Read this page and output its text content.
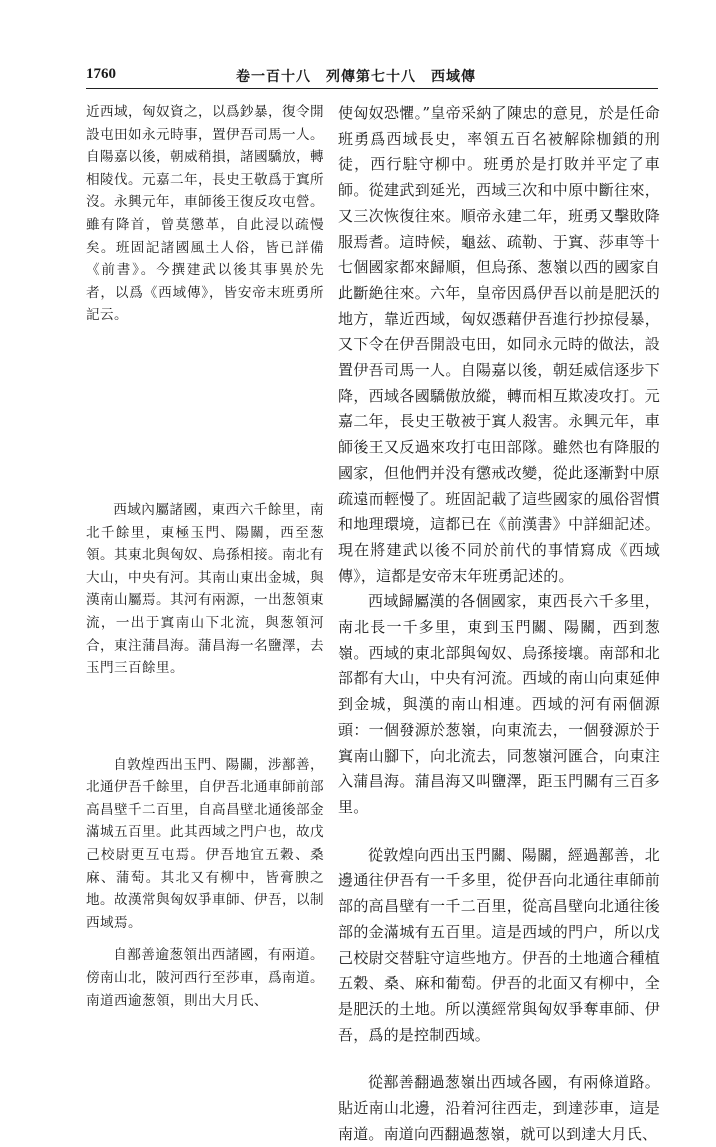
1760	卷一百十八　列傳第七十八　西域傳

近西域，匈奴資之，以爲鈔暴，復令開設屯田如永元時事，置伊吾司馬一人。自陽嘉以後，朝威稍損，諸國驕放，轉相陵伐。元嘉二年，長史王敬爲于窴所沒。永興元年，車師後王復反攻屯營。雖有降首，曾莫懲革，自此浸以疏慢矣。班固記諸國風土人俗，皆已詳備《前書》。今撰建武以後其事異於先者，以爲《西域傳》，皆安帝末班勇所記云。

西域內屬諸國，東西六千餘里，南北千餘里，東極玉門、陽關，西至葱領。其東北與匈奴、烏孫相接。南北有大山，中央有河。其南山東出金城，與漢南山屬焉。其河有兩源，一出葱領東流，一出于窴南山下北流，與葱領河合，東注蒲昌海。蒲昌海一名鹽澤，去玉門三百餘里。

自敦煌西出玉門、陽關，涉鄯善，北通伊吾千餘里，自伊吾北通車師前部高昌壁千二百里，自高昌壁北通後部金滿城五百里。此其西域之門户也，故戊己校尉更互屯焉。伊吾地宜五穀、桑麻、蒲萄。其北又有柳中，皆膏腴之地。故漢常與匈奴爭車師、伊吾，以制西域焉。

自鄯善逾葱領出西諸國，有兩道。傍南山北，陂河西行至莎車，爲南道。南道西逾葱領，則出大月氏、

使匈奴恐懼。”皇帝采納了陳忠的意見，於是任命班勇爲西域長史，率領五百名被解除枷鎖的刑徒，西行駐守柳中。班勇於是打敗并平定了車師。從建武到延光，西域三次和中原中斷往來，又三次恢復往來。順帝永建二年，班勇又擊敗降服焉耆。這時候，龜兹、疏勒、于窴、莎車等十七個國家都來歸順，但烏孫、葱嶺以西的國家自此斷絶往來。六年，皇帝因爲伊吾以前是肥沃的地方，靠近西域，匈奴憑藉伊吾進行抄掠侵暴，又下令在伊吾開設屯田，如同永元時的做法，設置伊吾司馬一人。自陽嘉以後，朝廷威信逐步下降，西域各國驕傲放縱，轉而相互欺凌攻打。元嘉二年，長史王敬被于窴人殺害。永興元年，車師後王又反過來攻打屯田部隊。雖然也有降服的國家，但他們并没有懲戒改變，從此逐漸對中原疏遠而輕慢了。班固記載了這些國家的風俗習慣和地理環境，這都已在《前漢書》中詳細記述。現在將建武以後不同於前代的事情寫成《西域傳》，這都是安帝末年班勇記述的。

西域歸屬漢的各個國家，東西長六千多里，南北長一千多里，東到玉門關、陽關，西到葱嶺。西域的東北部與匈奴、烏孫接壤。南部和北部都有大山，中央有河流。西域的南山向東延伸到金城，與漢的南山相連。西域的河有兩個源頭：一個發源於葱嶺，向東流去，一個發源於于窴南山腳下，向北流去，同葱嶺河匯合，向東注入蒲昌海。蒲昌海又叫鹽澤，距玉門關有三百多里。

從敦煌向西出玉門關、陽關，經過鄯善，北邊通往伊吾有一千多里，從伊吾向北通往車師前部的高昌壁有一千二百里，從高昌壁向北通往後部的金滿城有五百里。這是西域的門户，所以戊己校尉交替駐守這些地方。伊吾的土地適合種植五穀、桑、麻和葡萄。伊吾的北面又有柳中，全是肥沃的土地。所以漢經常與匈奴爭奪車師、伊吾，爲的是控制西域。

從鄯善翻過葱嶺出西域各國，有兩條道路。貼近南山北邊，沿着河往西走，到達莎車，這是南道。南道向西翻過葱嶺，就可以到達大月氏、
